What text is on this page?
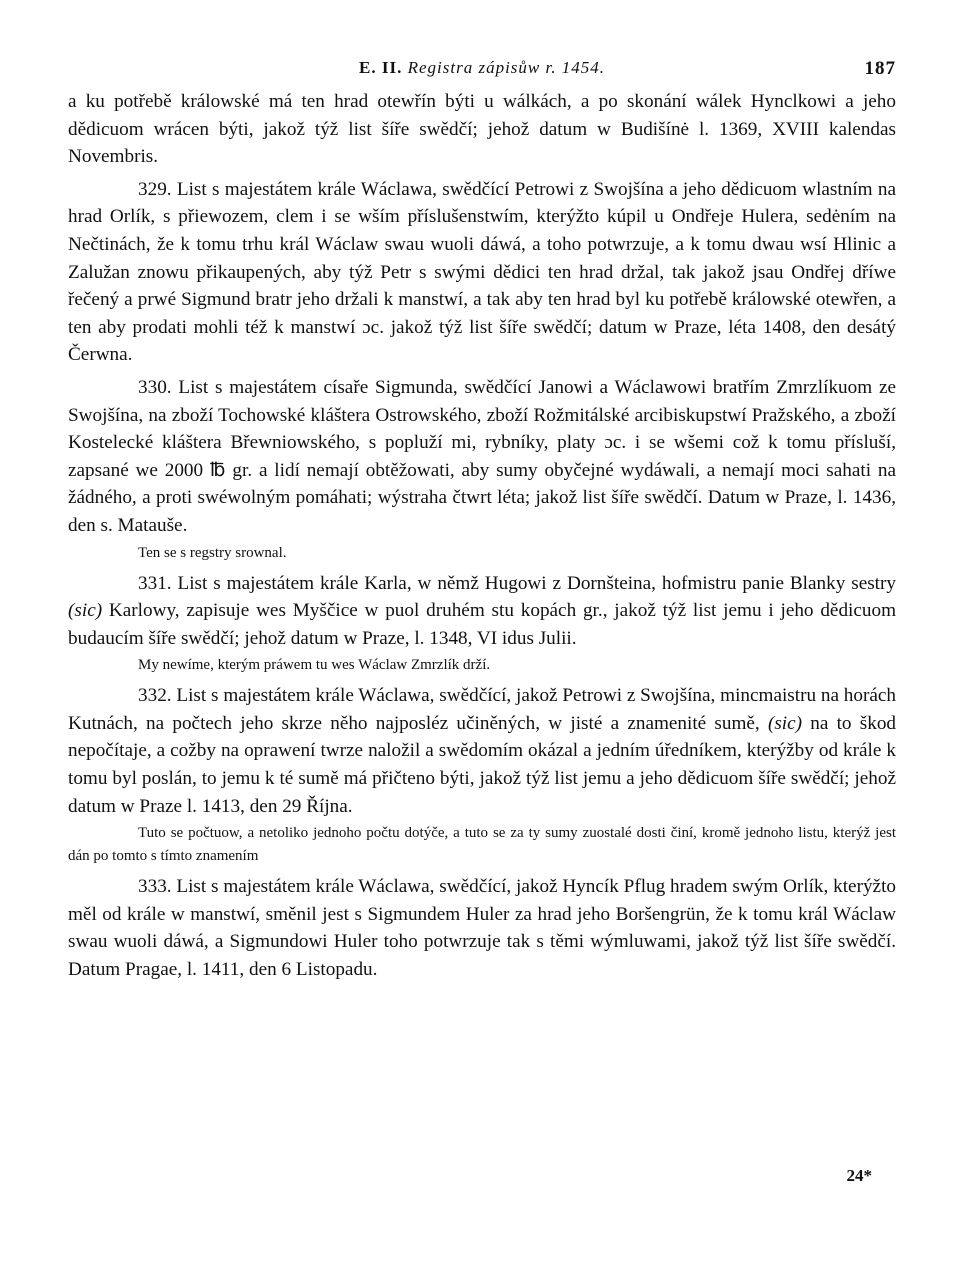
E. II. Registra zápisůw r. 1454.	187

a ku potřebě králowské má ten hrad otewřín býti u wálkách, a po skonání wálek Hynclkowi a jeho dědicuom wrácen býti, jakož týž list šíře swědčí; jehož datum w Budišínė l. 1369, XVIII kalendas Novembris.

329. List s majestátem krále Wáclawa, swědčící Petrowi z Swojšína a jeho dědicuom wlastním na hrad Orlík, s přiewozem, clem i se wším příslušenstwím, kterýžto kúpil u Ondřeje Hulera, sedėním na Nečtinách, že k tomu trhu král Wáclaw swau wuoli dáwá, a toho potwrzuje, a k tomu dwau wsí Hlinic a Zalužan znowu přikaupených, aby týž Petr s swými dědici ten hrad držal, tak jakož jsau Ondřej dříwe řečený a prwé Sigmund bratr jeho držali k manstwí, a tak aby ten hrad byl ku potřebě králowské otewřen, a ten aby prodati mohli též k manstwí ɔc. jakož týž list šíře swědčí; datum w Praze, léta 1408, den desátý Čerwna.

330. List s majestátem císaře Sigmunda, swědčící Janowi a Wáclawowi bratřím Zmrzlíkuom ze Swojšína, na zboží Tochowské kláštera Ostrowského, zboží Rožmitálské arcibiskupstwí Pražského, a zboží Kostelecké kláštera Břewniowského, s popluží mi, rybníky, platy ɔc. i se wšemi což k tomu přísluší, zapsané we 2000 ℔ gr. a lidí nemají obtěžowati, aby sumy obyčejné wydáwali, a nemají moci sahati na žádného, a proti swéwolným pomáhati; wýstraha čtwrt léta; jakož list šíře swědčí. Datum w Praze, l. 1436, den s. Matauše.

Ten se s regstry srownal.

331. List s majestátem krále Karla, w němž Hugowi z Dornšteina, hofmistru panie Blanky sestry (sic) Karlowy, zapisuje wes Myščice w puol druhém stu kopách gr., jakož týž list jemu i jeho dědicuom budaucím šíře swědčí; jehož datum w Praze, l. 1348, VI idus Julii.

My newíme, kterým práwem tu wes Wáclaw Zmrzlík drží.

332. List s majestátem krále Wáclawa, swědčící, jakož Petrowi z Swojšína, mincmaistru na horách Kutnách, na počtech jeho skrze něho najposléz učiněných, w jisté a znamenité sumě, (sic) na to škod nepočítaje, a cožby na oprawení twrze naložil a swědomím okázal a jedním úředníkem, kterýžby od krále k tomu byl poslán, to jemu k té sumě má přičteno býti, jakož týž list jemu a jeho dědicuom šíře swědčí; jehož datum w Praze l. 1413, den 29 Října.

Tuto se počtuow, a netoliko jednoho počtu dotýče, a tuto se za ty sumy zuostalé dosti činí, kromě jednoho listu, kterýž jest dán po tomto s tímto znamením

333. List s majestátem krále Wáclawa, swědčící, jakož Hyncík Pflug hradem swým Orlík, kterýžto měl od krále w manstwí, směnil jest s Sigmundem Huler za hrad jeho Boršengrün, že k tomu král Wáclaw swau wuoli dáwá, a Sigmundowi Huler toho potwrzuje tak s těmi wýmluwami, jakož týž list šíře swědčí. Datum Pragae, l. 1411, den 6 Listopadu.

24*
